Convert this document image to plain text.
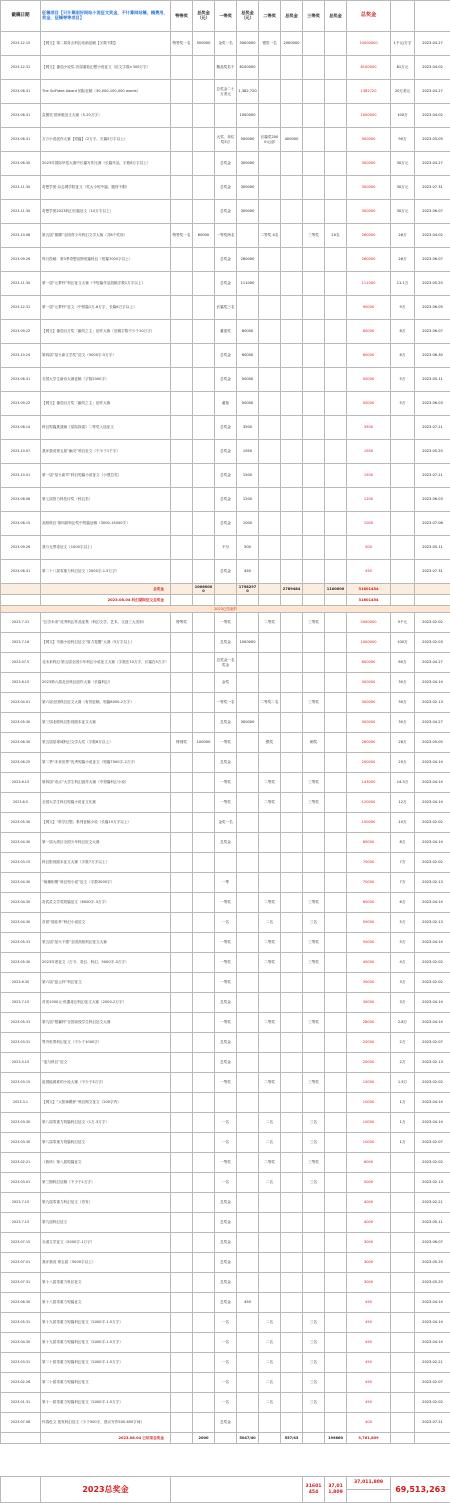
截稿日期	征稿项目【只计算刚好网站小说征文奖金，不计算网站稿，稿费用，奖金，征稿等等项目】	特等奖	总奖金（元）	一等奖	总奖金（元）	二等奖	总奖金	三等奖	总奖金	总奖金		
2023.12.15	【网文】第二届奇点科幻动画征稿【字数不限】	特等奖一名	500000	金奖一名	5000000	银奖一名	2000000			10000000	1千元/万字	2023.04.27
2023.12.31	【网文】番茄小说奖-首届番茄幻想小说征文（征文字数>300万字）			精品奖若干	8100000					8100000	81万元	2023.04.02
2023.08.31	The SciFidea Award 国际征稿（30,000-100,000 words）			总奖金二十万美元	1,382,720					1382720	20万美元	2023.04.27
2023.08.31	壹图奖·国家级征文大赛（5-20万字）				1000000					1000000	100万	2023.04.02
2023.08.31	万万小说创作大赛【短篇】（2万字，长篇5万字以上）			大奖、单位奖5万	500000	长篇奖2000元/部	400000			900000	90万	2023.05.05
2023.06.30	2023年国际华语大赛中长篇写作比赛（长篇作品，字数8万字以上）			总奖金	300000					300000	30万元	2023.04.27
2023.11.30	奇想学苑·杂志网学院征文（奖大小短中篇，题材不限）			总奖金	300000					300000	30万元	2023.07.31
2023.11.30	奇想学苑2023科幻长篇征文（10万字以上）			总奖金	300000					300000	30万元	2023.06.07
2023.10.08	第五届“图腾”全国青少年科幻文学大赛（共8个奖项）	特等奖一名	60000	一等奖两名		二等奖 4名		三等奖	20名	260000	26万	2023.04.02
2023.09.26	每月投稿：第3季奇想宙斯短篇科幻（短篇7000字以上）			总奖金	260000					260000	26万	2023.06.07
2023.11.30	第一届“元梦杯”科幻征文大赛（中短篇作品投稿字数1万字以上）			总奖金	111000					111000	11.1万	2023.05.25
2023.12.31	第一届“元梦杯”征文（中短篇1万-6万字，长篇6万字以上）			长篇奖三名						90000	9万	2023.06.05
2023.09.22	【网文】番茄百万奖「幽冥之主」创作大赛（征稿字数不少于10万字）			番茄奖	80000					80000	8万	2023.06.07
2023.10.24	第四届“星火新文学奖”征文（5000字-5万字）			总奖金	60000					60000	6万	2023.06.30
2023.08.31	全国大学生新诗大赛征稿（字数2000字）			总奖金	50000					50000	5万	2023.05.11
2023.09.22	【网文】番茄百万奖「幽冥之主」创作大赛			番茄	50000					50000	5万	2023.06.03
2023.08.14	科幻短篇挑战赛《星际探索》二等奖入选征文			总奖金	3500					3500		2023.07.21
2023.10.07	我评我说第五届“幽灵”科幻征文（不少于1千字）			总奖金	1950					1950		2023.05.25
2023.10.01	第一届“星火新声”科幻短篇小说征文（小票总奖）			总奖金	1500					1500		2023.07.21
2023.08.06	第七届智力科技评奖（科幻类）			总奖金	1200					1200		2023.06.03
2023.08.15	高校科幻·第四届科幻奖中短篇征稿（3000-15000字）			总奖金	1000					1000		2023.07.06
2023.09.26	我与无界奇征文（1000字以上）			不分	500					500		2023.05.11
2023.08.31	第二十八届零重力科幻征文（2000字-1.5万字）			总奖金	450					450		2023.07.31
	总奖金		10060000		17982970		2789484		1100000	31601454		
	2023.08.04 科幻期间征文总奖金									31601454		
2023已结束的												
2023.7.31	“幻享未来”优秀科幻作品征集（科幻文学，艺术，文创三大类别）	特等奖		一等奖		二等奖		三等奖		5000000	5千元	2023.02.02
2023.7.16	【网文】书旗小说科幻征文“原力觉醒”大赛（5万字以上）			总奖金	1000000					1000000	100万	2023.02.03
2023.07.5	北未来科幻·第五届全国少年科幻小说征文大赛（字数在10万字，长篇在5万字）			总奖金一名奖金						600000	60万	2023.04.27
2023.6.15	2023第六届北宜科幻创作大赛（长篇科幻）			金奖						300000	30万	2023.04.14
2023.04.01	第六届全国科幻征文大赛（有效征稿、短篇8000-2万字）			一等奖一名		二等奖二名		三等奖		300000	30万	2023.02.13
2023.05.30	第三届北联科幻影视剧本征文大赛			总奖金	300000					300000	30万	2023.04.27
2023.06.30	第五届星球城科幻文学大奖（字数6万以上）	特别奖	100000	一等奖		银奖		铜奖		280000	28万	2023.05.05
2023.06.25	第二季“未来世界”优秀短篇小说征文（短篇7000字-2万字）			总奖金						200000	20万	2023.04.14
2023.6.15	第四届“奇点”大学生科幻创作大赛（中短篇科幻小说）			一等奖		二等奖		三等奖		143000	14.3万	2023.04.14
2023.6.5	全国大学生科幻短篇小说征文比赛			一等奖		二等奖		三等奖		120000	12万	2023.04.14
2023.05.30	【网文】「科学幻想」系列征稿小说（长篇15万字以上）			金奖一名						100000	10万	2023.02.02
2023.04.30	第一届大湾区全国少年科幻征文大赛			总奖金						80000	8万	2023.04.14
2023.03.15	科幻影视剧本征文大赛（字数7万字以上）									70000	7万	2023.02.02
2023.04.30	“镜像相册”科幻短小说”征文（字数3000字）			一等						70000	7万	2023.02.13
2023.04.30	奇武武文学奖短篇征文（6000字-3万字）			一等奖		二等奖		三等奖		60000	6万	2023.04.14
2023.04.30	首届“瑞佳杯”科幻小说征文			一名		二名		三名		50000	5万	2023.02.13
2023.05.31	第五届“星火不熄”全国高校科幻征文大赛			一等奖		二等奖		三等奖		50000	5万	2023.04.14
2023.05.30	2023年度征文（古今、奇幻、科幻、5000字-3万字）			一等奖		二等奖		三等奖		40000	4万	2023.02.02
2023.6.30	第六届“蓝云杯”科幻征文			一等奖						30000	3万	2023.02.02
2023.7.15	首发1000元·机器奇幻科幻征文大赛（2000-2万字）			总奖金						30000	3万	2023.04.14
2023.05.31	第九届“银翼杯”全国高校学生科幻征文大赛			一等奖		二等奖		三等奖		28000	2.8万	2023.04.14
2023.03.31	界外世界科幻征文（不少于1000字）			总奖金						20000	2万	2023.02.07
2023.5.10	“蓝与科幻”征文			总奖金						20000	2万	2023.02.13
2023.03.15	祖国能源谁的小说大赛（不少于3万字）			一等奖		二等奖		三等奖		15000	1.5万	2023.02.02
2023.3.1	【网文】“太阳神殿杯”科幻网文征文（200字内）									10000	1万	2023.04.14
2023.03.30	第八届零重力短篇科幻征文（1万-3万字）			一名		二名		三名		10000	1万	2023.04.14
2023.03.30	第八届零重力短篇科幻征文			一名		二名		三名		10000	1万	2023.02.07
2023.02.21	《族所》第八届短篇征文			一等奖		二等奖		三等奖		6000		2023.02.02
2023.03.01	第三期科幻征稿（不少于1万字）			一名		二名		三名		5000		2023.02.13
2023.7.15	第九届零重力科幻征文（首发）			总奖金						4000		2023.02.21
2023.7.15	第九届科幻征文			总奖金						4000		2023.05.11
2023.07.15	赤道文学征文（5000字-1万字）			总奖金						3000		2023.06.07
2023.07.01	我评我说 第五届（5000字以上）			总奖金						3000		2023.05.25
2023.07.31	第十八届零重力科幻征文			总奖金						3000		2023.05.25
2023.06.30	第十八届零重力短篇征文			总奖金	450					450		2023.04.14
2023.05.31	第十九届零重力短篇科幻征文（2000字-1.5万字）			一名		二名		三名		450		2023.04.14
2023.04.30	第十九届零重力短篇科幻征文（2000字-1.5万字）			一名		二名		三名		450		2023.04.14
2023.03.31	第二十届零重力短篇科幻征文（2000字-1.5万字）			一名		二名		三名		450		2023.02.21
2023.02.28	第二十届零重力短篇科幻征文			一名		二名		三名		450		2023.02.07
2023.01.31	第十一届零重力短篇科幻征文（2000字-1.5万字）			一名		二名		三名		450		2023.02.02
2023.07.08	怀春色文 批发科幻征文（少于500字，建议写作500-650字间）			总奖金						400		2023.07.21
	2023.08.04 已结束总奖金		2000		5047/40		557/43		199860	3,761,809		
	2023总奖金		31601454	37,011,809	37,011,809	69,513,263
